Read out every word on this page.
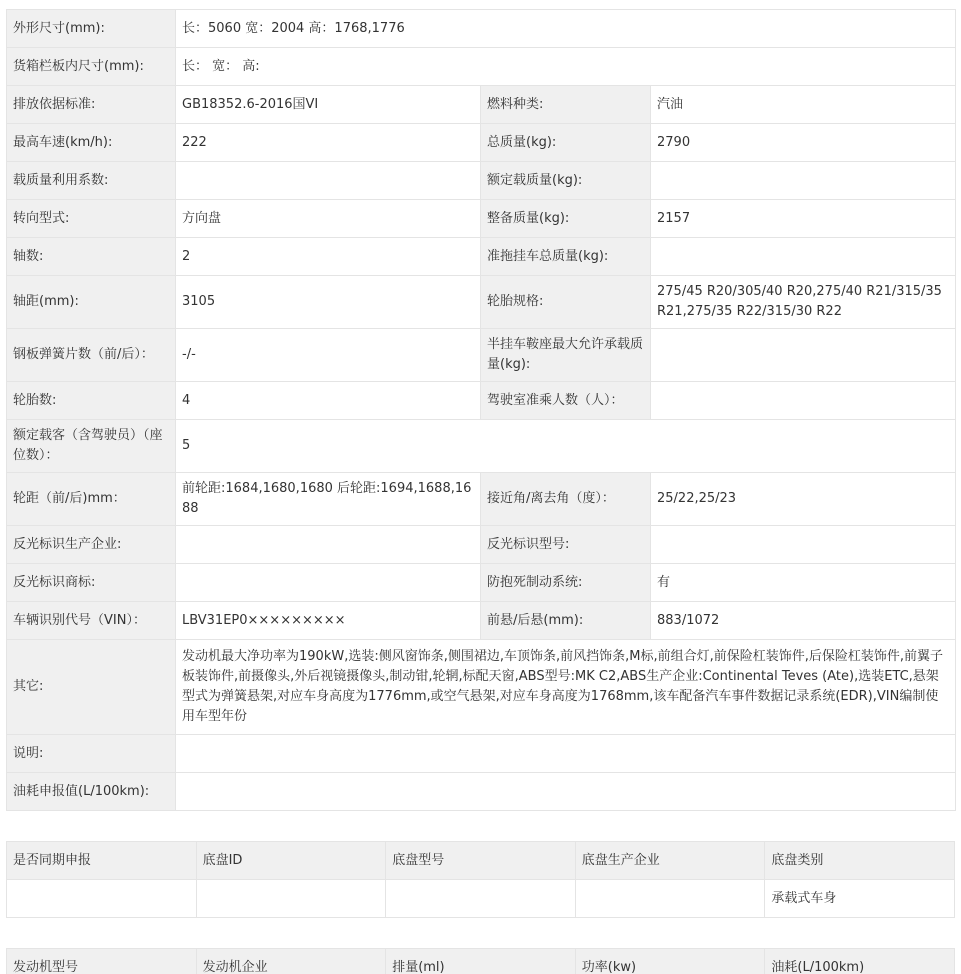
外形尺寸(mm):	长：5060 宽：2004 高：1768,1776		
货箱栏板内尺寸(mm):	长： 宽： 高:		
排放依据标准:	GB18352.6-2016国VI	燃料种类:	汽油
最高车速(km/h):	222	总质量(kg):	2790
载质量利用系数:		额定载质量(kg):	
转向型式:	方向盘	整备质量(kg):	2157
轴数:	2	准拖挂车总质量(kg):	
轴距(mm):	3105	轮胎规格:	275/45 R20/305/40 R20,275/40 R21/315/35 R21,275/35 R22/315/30 R22
钢板弹簧片数（前/后）：	-/-	半挂车鞍座最大允许承载质量(kg):	
轮胎数:	4	驾驶室准乘人数（人）：	
额定载客（含驾驶员）（座位数）：	5		
轮距（前/后)mm：	前轮距:1684,1680,1680 后轮距:1694,1688,1688	接近角/离去角（度）：	25/22,25/23
反光标识生产企业:		反光标识型号:	
反光标识商标:		防抱死制动系统:	有
车辆识别代号（VIN）：	LBV31EP0×××××××××	前悬/后悬(mm):	883/1072
其它:	发动机最大净功率为190kW,选装:侧风窗饰条,侧围裙边,车顶饰条,前风挡饰条,M标,前组合灯,前保险杠装饰件,后保险杠装饰件,前翼子板装饰件,前摄像头,外后视镜摄像头,制动钳,轮辋,标配天窗,ABS型号:MK C2,ABS生产企业:Continental Teves (Ate),选装ETC,悬架型式为弹簧悬架,对应车身高度为1776mm,或空气悬架,对应车身高度为1768mm,该车配备汽车事件数据记录系统(EDR),VIN编制使用车型年份		
说明:			
油耗申报值(L/100km):			
是否同期申报	底盘ID	底盘型号	底盘生产企业	底盘类别
				承载式车身
发动机型号	发动机企业	排量(ml)	功率(kw)	油耗(L/100km)
